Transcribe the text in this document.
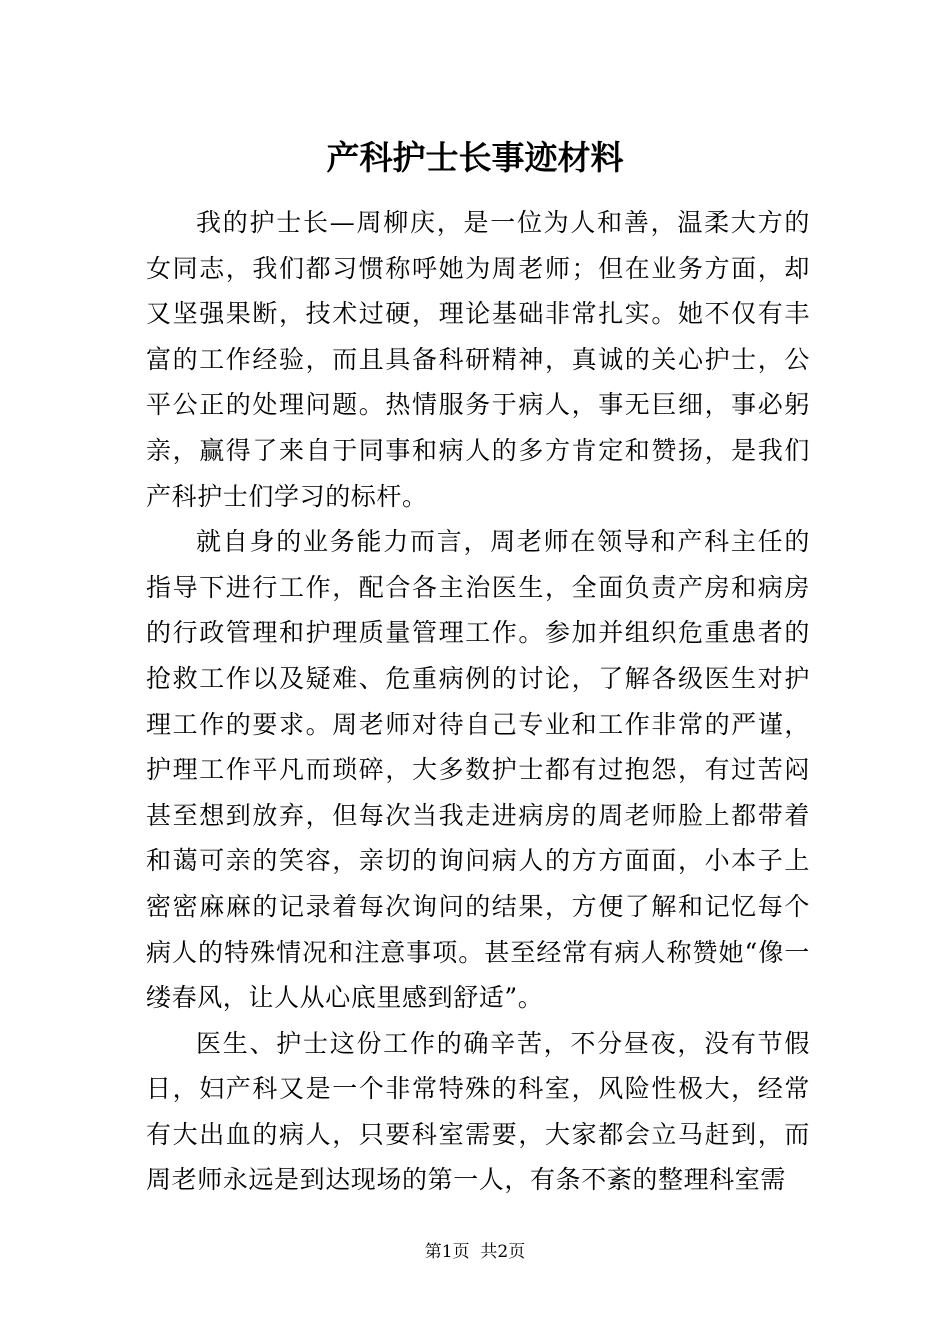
产科护士长事迹材料

我的护士长—周柳庆，是一位为人和善，温柔大方的女同志，我们都习惯称呼她为周老师；但在业务方面，却又坚强果断，技术过硬，理论基础非常扎实。她不仅有丰富的工作经验，而且具备科研精神，真诚的关心护士，公平公正的处理问题。热情服务于病人，事无巨细，事必躬亲，赢得了来自于同事和病人的多方肯定和赞扬，是我们产科护士们学习的标杆。

就自身的业务能力而言，周老师在领导和产科主任的指导下进行工作，配合各主治医生，全面负责产房和病房的行政管理和护理质量管理工作。参加并组织危重患者的抢救工作以及疑难、危重病例的讨论，了解各级医生对护理工作的要求。周老师对待自己专业和工作非常的严谨，护理工作平凡而琐碎，大多数护士都有过抱怨，有过苦闷甚至想到放弃，但每次当我走进病房的周老师脸上都带着和蔼可亲的笑容，亲切的询问病人的方方面面，小本子上密密麻麻的记录着每次询问的结果，方便了解和记忆每个病人的特殊情况和注意事项。甚至经常有病人称赞她“像一缕春风，让人从心底里感到舒适”。

医生、护士这份工作的确辛苦，不分昼夜，没有节假日，妇产科又是一个非常特殊的科室，风险性极大，经常有大出血的病人，只要科室需要，大家都会立马赶到，而周老师永远是到达现场的第一人，有条不紊的整理科室需

第1页  共2页
